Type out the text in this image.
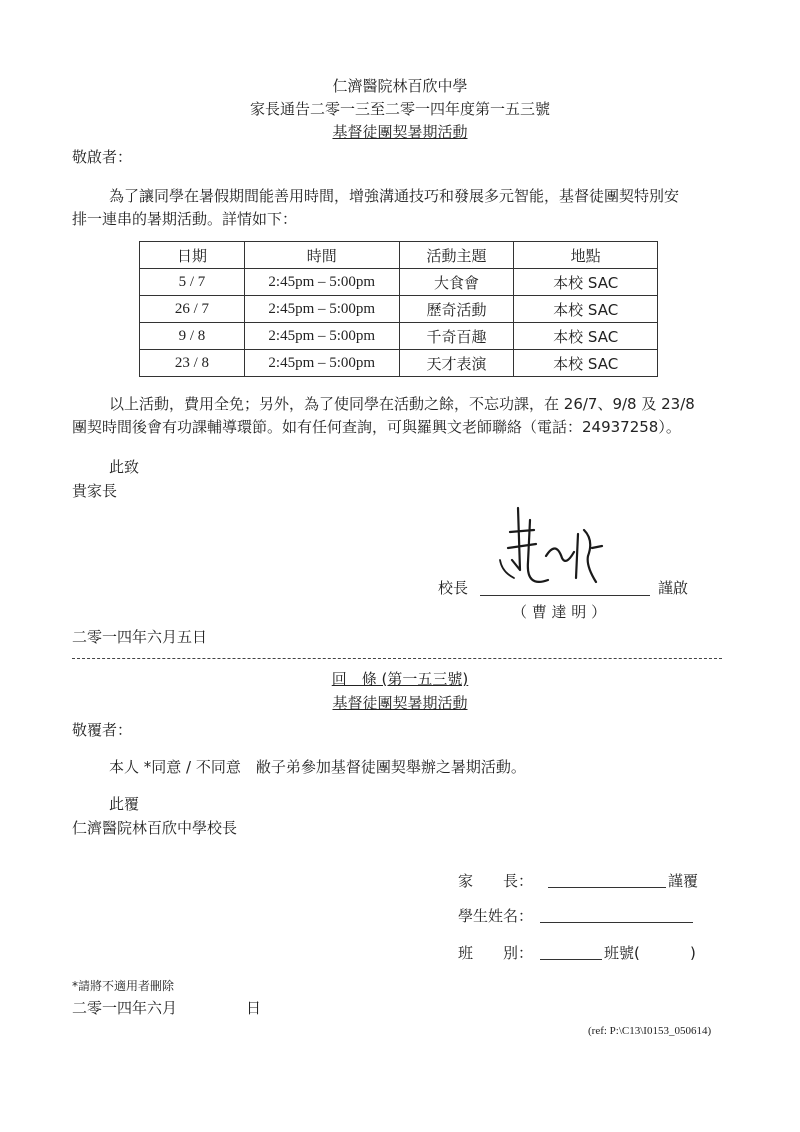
仁濟醫院林百欣中學
家長通告二零一三至二零一四年度第一五三號
基督徒團契暑期活動
敬啟者：
為了讓同學在暑假期間能善用時間，增強溝通技巧和發展多元智能，基督徒團契特別安
排一連串的暑期活動。詳情如下：
日期	時間	活動主題	地點
5 / 7	2:45pm – 5:00pm	大食會	本校 SAC
26 / 7	2:45pm – 5:00pm	歷奇活動	本校 SAC
9 / 8	2:45pm – 5:00pm	千奇百趣	本校 SAC
23 / 8	2:45pm – 5:00pm	天才表演	本校 SAC
以上活動，費用全免；另外，為了使同學在活動之餘，不忘功課，在 26/7、9/8 及 23/8
團契時間後會有功課輔導環節。如有任何查詢，可與羅興文老師聯絡（電話：24937258）。
此致
貴家長
校長	謹啟
（ 曹 達 明 ）
二零一四年六月五日
回　條 (第一五三號)
基督徒團契暑期活動
敬覆者：
本人 *同意 / 不同意　敝子弟參加基督徒團契舉辦之暑期活動。
此覆
仁濟醫院林百欣中學校長
家　　長：	謹覆
學生姓名：
班　　別：	班號(	)
*請將不適用者刪除
二零一四年六月	日
(ref: P:\C13\I0153_050614)
